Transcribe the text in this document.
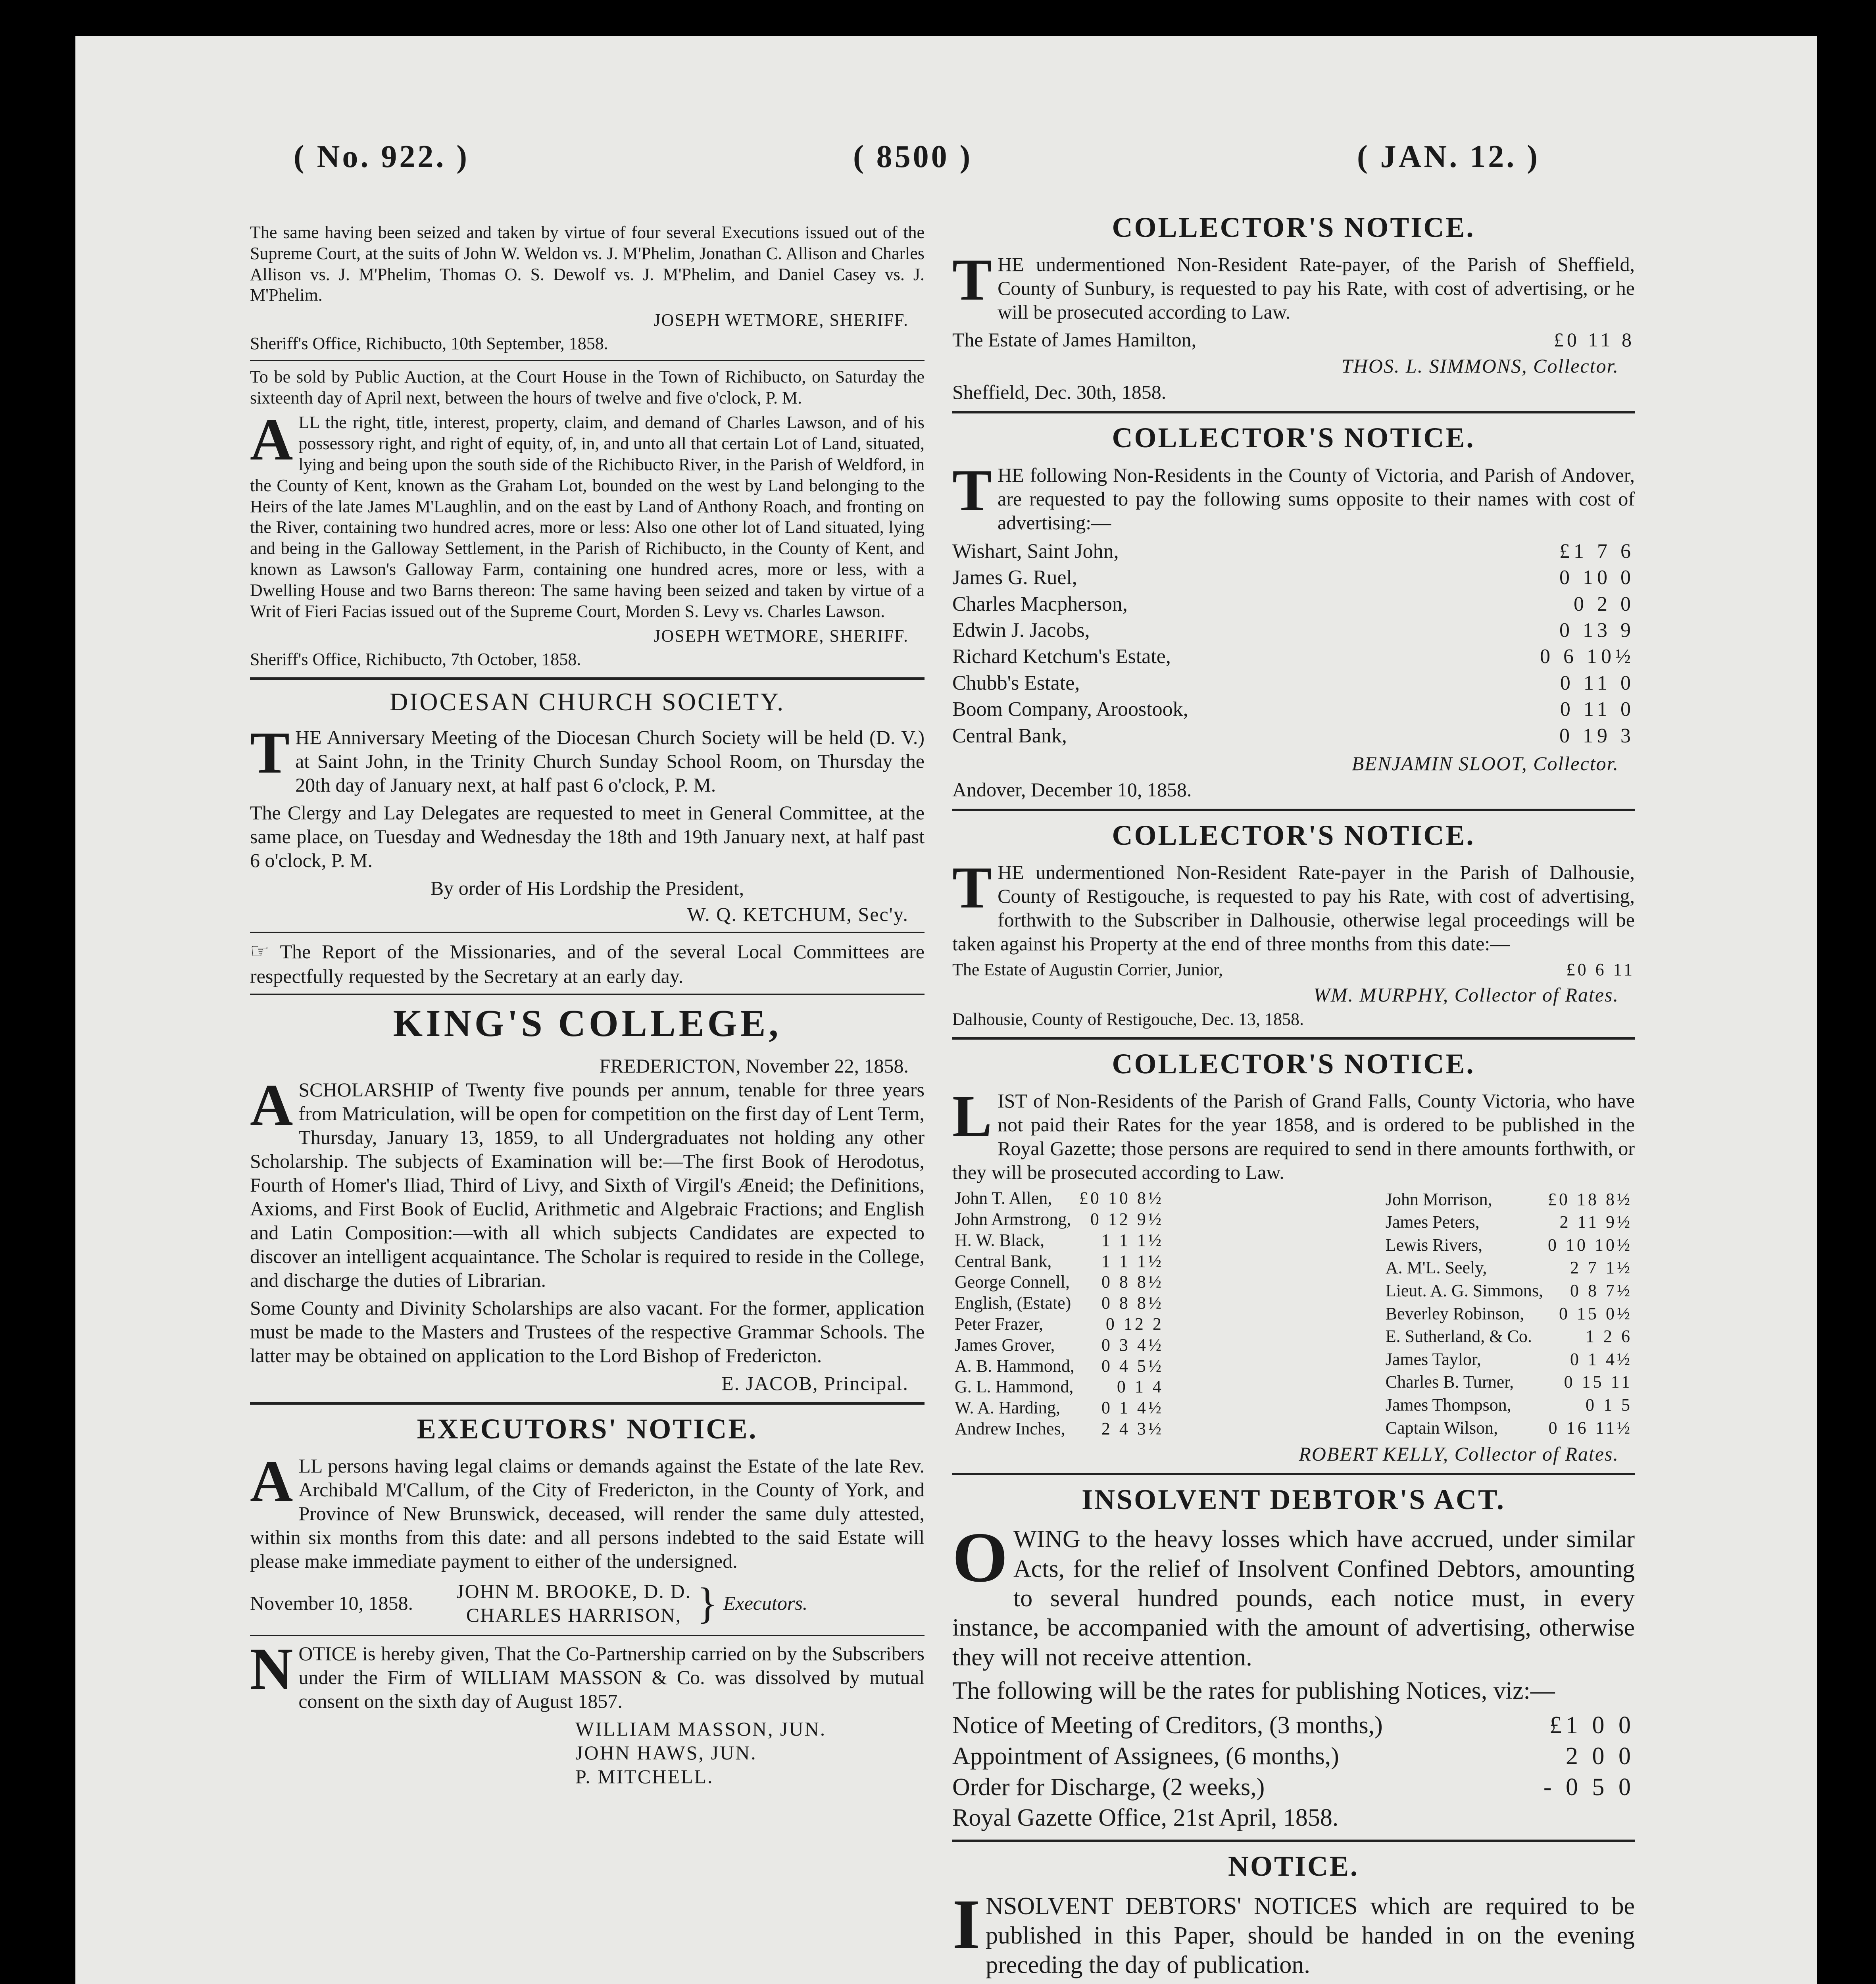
( No. 922. )	( 8500 )	( JAN. 12. )

The same having been seized and taken by virtue of four several Executions issued out of the Supreme Court, at the suits of John W. Weldon vs. J. M'Phelim, Jonathan C. Allison and Charles Allison vs. J. M'Phelim, Thomas O. S. Dewolf vs. J. M'Phelim, and Daniel Casey vs. J. M'Phelim.

JOSEPH WETMORE, SHERIFF.
Sheriff's Office, Richibucto, 10th September, 1858.

To be sold by Public Auction, at the Court House in the Town of Richibucto, on Saturday the sixteenth day of April next, between the hours of twelve and five o'clock, P. M.

ALL the right, title, interest, property, claim, and demand of Charles Lawson, and of his possessory right, and right of equity, of, in, and unto all that certain Lot of Land, situated, lying and being upon the south side of the Richibucto River, in the Parish of Weldford, in the County of Kent, known as the Graham Lot, bounded on the west by Land belonging to the Heirs of the late James M'Laughlin, and on the east by Land of Anthony Roach, and fronting on the River, containing two hundred acres, more or less: Also one other lot of Land situated, lying and being in the Galloway Settlement, in the Parish of Richibucto, in the County of Kent, and known as Lawson's Galloway Farm, containing one hundred acres, more or less, with a Dwelling House and two Barns thereon: The same having been seized and taken by virtue of a Writ of Fieri Facias issued out of the Supreme Court, Morden S. Levy vs. Charles Lawson.

JOSEPH WETMORE, SHERIFF.
Sheriff's Office, Richibucto, 7th October, 1858.
DIOCESAN CHURCH SOCIETY.

THE Anniversary Meeting of the Diocesan Church Society will be held (D. V.) at Saint John, in the Trinity Church Sunday School Room, on Thursday the 20th day of January next, at half past 6 o'clock, P. M.

The Clergy and Lay Delegates are requested to meet in General Committee, at the same place, on Tuesday and Wednesday the 18th and 19th January next, at half past 6 o'clock, P. M.

By order of His Lordship the President,
W. Q. KETCHUM, Sec'y.

☞ The Report of the Missionaries, and of the several Local Committees are respectfully requested by the Secretary at an early day.

KING'S COLLEGE,
FREDERICTON, November 22, 1858.

ASCHOLARSHIP of Twenty five pounds per annum, tenable for three years from Matriculation, will be open for competition on the first day of Lent Term, Thursday, January 13, 1859, to all Undergraduates not holding any other Scholarship. The subjects of Examination will be:—The first Book of Herodotus, Fourth of Homer's Iliad, Third of Livy, and Sixth of Virgil's Æneid; the Definitions, Axioms, and First Book of Euclid, Arithmetic and Algebraic Fractions; and English and Latin Composition:—with all which subjects Candidates are expected to discover an intelligent acquaintance. The Scholar is required to reside in the College, and discharge the duties of Librarian.

Some County and Divinity Scholarships are also vacant. For the former, application must be made to the Masters and Trustees of the respective Grammar Schools. The latter may be obtained on application to the Lord Bishop of Fredericton.

E. JACOB, Principal.
EXECUTORS' NOTICE.

ALL persons having legal claims or demands against the Estate of the late Rev. Archibald M'Callum, of the City of Fredericton, in the County of York, and Province of New Brunswick, deceased, will render the same duly attested, within six months from this date: and all persons indebted to the said Estate will please make immediate payment to either of the undersigned.

November 10, 1858.
JOHN M. BROOKE, D. D.
CHARLES HARRISON, } Executors.

NOTICE is hereby given, That the Co-Partnership carried on by the Subscribers under the Firm of WILLIAM MASSON & Co. was dissolved by mutual consent on the sixth day of August 1857.

WILLIAM MASSON, JUN.
JOHN HAWS, JUN.
P. MITCHELL.
COLLECTOR'S NOTICE.

THE undermentioned Non-Resident Rate-payer, of the Parish of Sheffield, County of Sunbury, is requested to pay his Rate, with cost of advertising, or he will be prosecuted according to Law.

The Estate of James Hamilton,	£0 11 8
THOS. L. SIMMONS, Collector.
Sheffield, Dec. 30th, 1858.
COLLECTOR'S NOTICE.

THE following Non-Residents in the County of Victoria, and Parish of Andover, are requested to pay the following sums opposite to their names with cost of advertising:—

Wishart, Saint John,	£1 7 6
James G. Ruel,	0 10 0
Charles Macpherson,	0 2 0
Edwin J. Jacobs,	0 13 9
Richard Ketchum's Estate,	0 6 10½
Chubb's Estate,	0 11 0
Boom Company, Aroostook,	0 11 0
Central Bank,	0 19 3
BENJAMIN SLOOT, Collector.
Andover, December 10, 1858.
COLLECTOR'S NOTICE.

THE undermentioned Non-Resident Rate-payer in the Parish of Dalhousie, County of Restigouche, is requested to pay his Rate, with cost of advertising, forthwith to the Subscriber in Dalhousie, otherwise legal proceedings will be taken against his Property at the end of three months from this date:—

The Estate of Augustin Corrier, Junior,	£0 6 11
WM. MURPHY, Collector of Rates.
Dalhousie, County of Restigouche, Dec. 13, 1858.
COLLECTOR'S NOTICE.

LIST of Non-Residents of the Parish of Grand Falls, County Victoria, who have not paid their Rates for the year 1858, and is ordered to be published in the Royal Gazette; those persons are required to send in there amounts forthwith, or they will be prosecuted according to Law.

John T. Allen,	£0 10 8½
John Armstrong,	0 12 9½
H. W. Black,	1 1 1½
Central Bank,	1 1 1½
George Connell,	0 8 8½
English, (Estate)	0 8 8½
Peter Frazer,	0 12 2
James Grover,	0 3 4½
A. B. Hammond,	0 4 5½
G. L. Hammond,	0 1 4
W. A. Harding,	0 1 4½
Andrew Inches,	2 4 3½
John Morrison,	£0 18 8½
James Peters,	2 11 9½
Lewis Rivers,	0 10 10½
A. M'L. Seely,	2 7 1½
Lieut. A. G. Simmons,	0 8 7½
Beverley Robinson,	0 15 0½
E. Sutherland, & Co.	1 2 6
James Taylor,	0 1 4½
Charles B. Turner,	0 15 11
James Thompson,	0 1 5
Captain Wilson,	0 16 11½
ROBERT KELLY, Collector of Rates.
INSOLVENT DEBTOR'S ACT.

OWING to the heavy losses which have accrued, under similar Acts, for the relief of Insolvent Confined Debtors, amounting to several hundred pounds, each notice must, in every instance, be accompanied with the amount of advertising, otherwise they will not receive attention.

The following will be the rates for publishing Notices, viz:—

Notice of Meeting of Creditors, (3 months,)	£1 0 0
Appointment of Assignees, (6 months,)	2 0 0
Order for Discharge, (2 weeks,)	- 0 5 0
Royal Gazette Office, 21st April, 1858.
NOTICE.

INSOLVENT DEBTORS' NOTICES which are required to be published in this Paper, should be handed in on the evening preceding the day of publication.
